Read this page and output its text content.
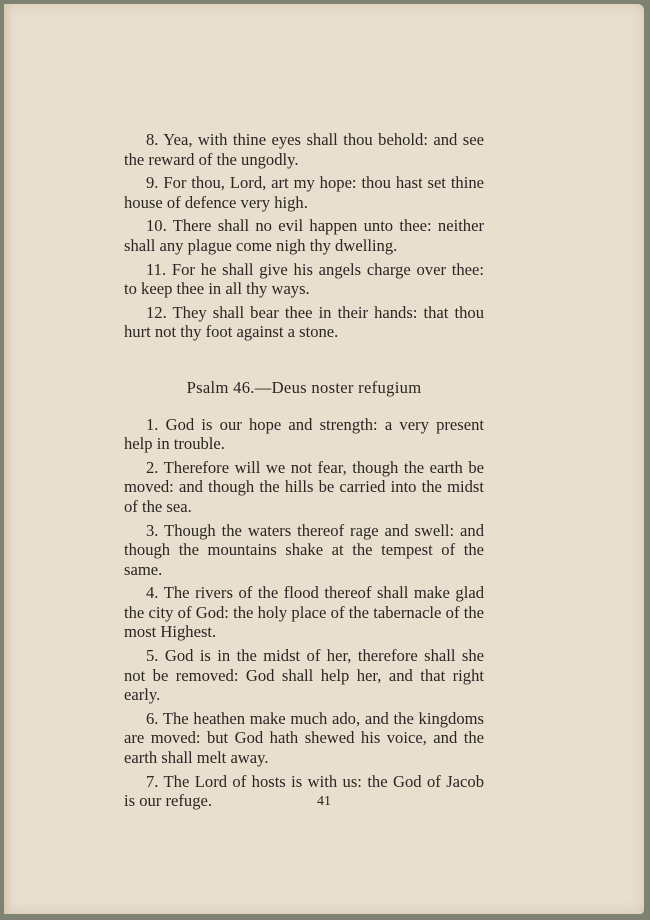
8. Yea, with thine eyes shall thou behold: and see the reward of the ungodly.

9. For thou, Lord, art my hope: thou hast set thine house of defence very high.

10. There shall no evil happen unto thee: neither shall any plague come nigh thy dwelling.

11. For he shall give his angels charge over thee: to keep thee in all thy ways.

12. They shall bear thee in their hands: that thou hurt not thy foot against a stone.

Psalm 46.—Deus noster refugium

1. God is our hope and strength: a very present help in trouble.

2. Therefore will we not fear, though the earth be moved: and though the hills be carried into the midst of the sea.

3. Though the waters thereof rage and swell: and though the mountains shake at the tempest of the same.

4. The rivers of the flood thereof shall make glad the city of God: the holy place of the tabernacle of the most Highest.

5. God is in the midst of her, therefore shall she not be removed: God shall help her, and that right early.

6. The heathen make much ado, and the kingdoms are moved: but God hath shewed his voice, and the earth shall melt away.

7. The Lord of hosts is with us: the God of Jacob is our refuge.	41
